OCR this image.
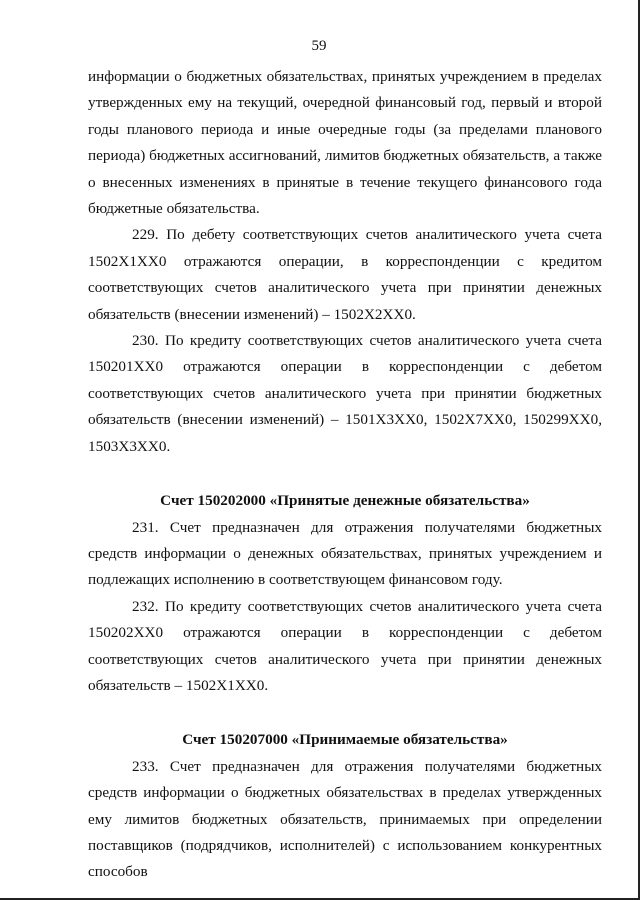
59

информации о бюджетных обязательствах, принятых учреждением в пределах утвержденных ему на текущий, очередной финансовый год, первый и второй годы планового периода и иные очередные годы (за пределами планового периода) бюджетных ассигнований, лимитов бюджетных обязательств, а также о внесенных изменениях в принятые в течение текущего финансового года бюджетные обязательства.

229. По дебету соответствующих счетов аналитического учета счета 1502X1XX0 отражаются операции, в корреспонденции с кредитом соответствующих счетов аналитического учета при принятии денежных обязательств (внесении изменений) – 1502X2XX0.

230. По кредиту соответствующих счетов аналитического учета счета 150201XX0 отражаются операции в корреспонденции с дебетом соответствующих счетов аналитического учета при принятии бюджетных обязательств (внесении изменений) – 1501X3XX0, 1502X7XX0, 150299XX0, 1503X3XX0.

Счет 150202000 «Принятые денежные обязательства»

231. Счет предназначен для отражения получателями бюджетных средств информации о денежных обязательствах, принятых учреждением и подлежащих исполнению в соответствующем финансовом году.

232. По кредиту соответствующих счетов аналитического учета счета 150202XX0 отражаются операции в корреспонденции с дебетом соответствующих счетов аналитического учета при принятии денежных обязательств – 1502X1XX0.

Счет 150207000 «Принимаемые обязательства»

233. Счет предназначен для отражения получателями бюджетных средств информации о бюджетных обязательствах в пределах утвержденных ему лимитов бюджетных обязательств, принимаемых при определении поставщиков (подрядчиков, исполнителей) с использованием конкурентных способов
